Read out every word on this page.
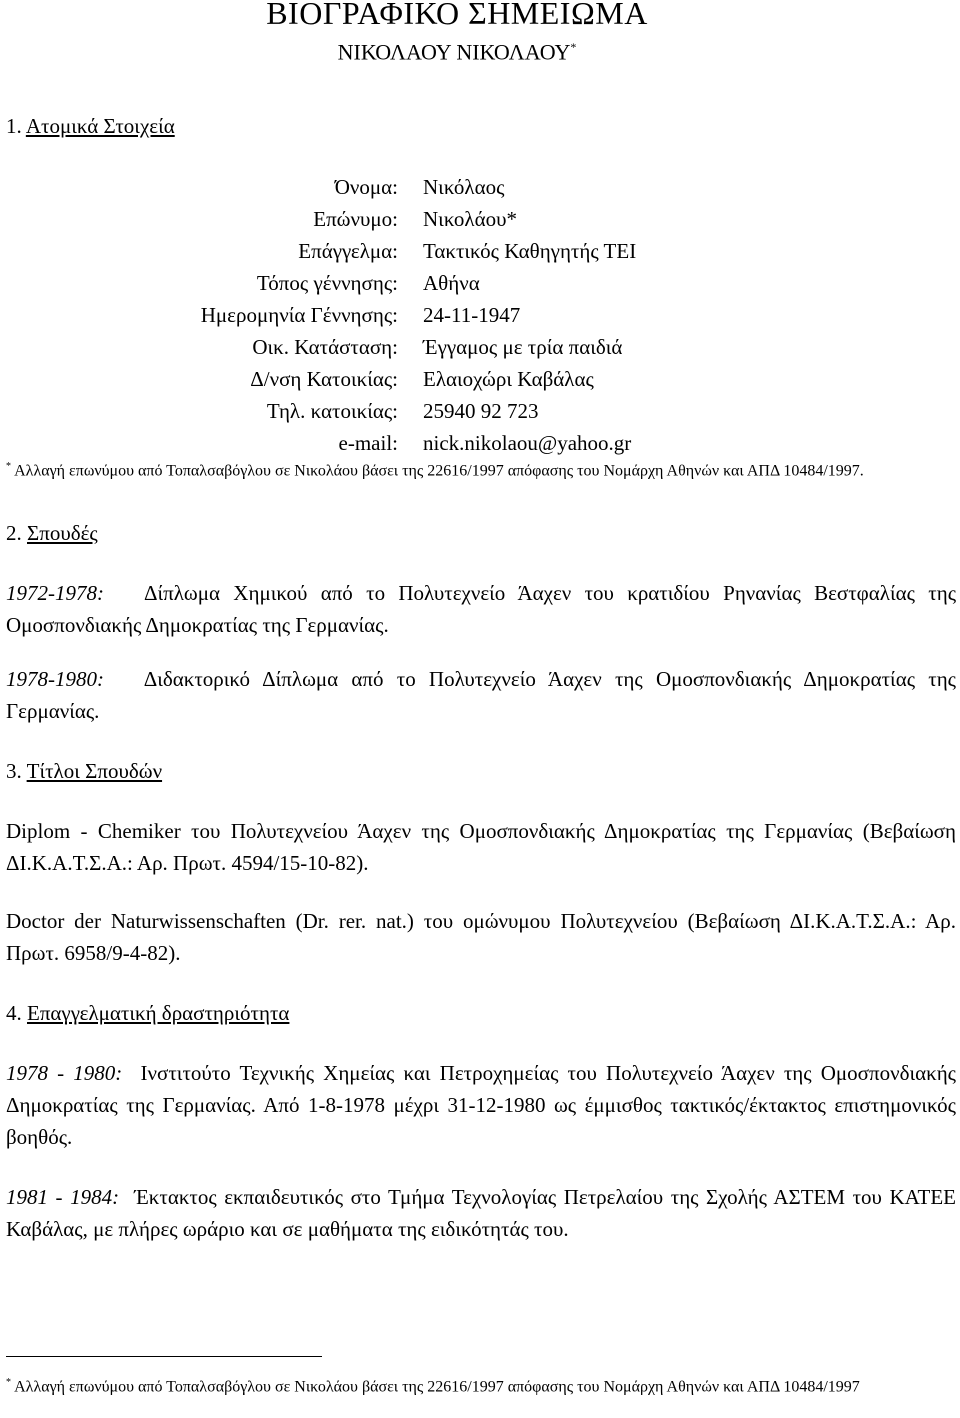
ΒΙΟΓΡΑΦΙΚΟ ΣΗΜΕΙΩΜΑ
ΝΙΚΟΛΑΟΥ ΝΙΚΟΛΑΟΥ*
1. Ατομικά Στοιχεία
Όνομα: Νικόλαος
Επώνυμο: Νικολάου*
Επάγγελμα: Τακτικός Καθηγητής ΤΕΙ
Τόπος γέννησης: Αθήνα
Ημερομηνία Γέννησης: 24-11-1947
Οικ. Κατάσταση: Έγγαμος με τρία παιδιά
Δ/νση Κατοικίας: Ελαιοχώρι Καβάλας
Τηλ. κατοικίας: 25940 92 723
e-mail: nick.nikolaou@yahoo.gr
* Αλλαγή επωνύμου από Τοπαλσαβόγλου σε Νικολάου βάσει της 22616/1997 απόφασης του Νομάρχη Αθηνών και ΑΠΔ 10484/1997.
2. Σπουδές
1972-1978: Δίπλωμα Χημικού από το Πολυτεχνείο Άαχεν του κρατιδίου Ρηνανίας Βεστφαλίας της Ομοσπονδιακής Δημοκρατίας της Γερμανίας.
1978-1980: Διδακτορικό Δίπλωμα από το Πολυτεχνείο Άαχεν της Ομοσπονδιακής Δημοκρατίας της Γερμανίας.
3. Τίτλοι Σπουδών
Diplom - Chemiker του Πολυτεχνείου Άαχεν της Ομοσπονδιακής Δημοκρατίας της Γερμανίας (Βεβαίωση ΔΙ.Κ.Α.Τ.Σ.Α.: Αρ. Πρωτ. 4594/15-10-82).
Doctor der Naturwissenschaften (Dr. rer. nat.) του ομώνυμου Πολυτεχνείου (Βεβαίωση ΔΙ.Κ.Α.Τ.Σ.Α.: Αρ. Πρωτ. 6958/9-4-82).
4. Επαγγελματική δραστηριότητα
1978 - 1980: Ινστιτούτο Τεχνικής Χημείας και Πετροχημείας του Πολυτεχνείο Άαχεν της Ομοσπονδιακής Δημοκρατίας της Γερμανίας. Από 1-8-1978 μέχρι 31-12-1980 ως έμμισθος τακτικός/έκτακτος επιστημονικός βοηθός.
1981 - 1984: Έκτακτος εκπαιδευτικός στο Τμήμα Τεχνολογίας Πετρελαίου της Σχολής ΑΣΤΕΜ του ΚΑΤΕΕ Καβάλας, με πλήρες ωράριο και σε μαθήματα της ειδικότητάς του.
* Αλλαγή επωνύμου από Τοπαλσαβόγλου σε Νικολάου βάσει της 22616/1997 απόφασης του Νομάρχη Αθηνών και ΑΠΔ 10484/1997
